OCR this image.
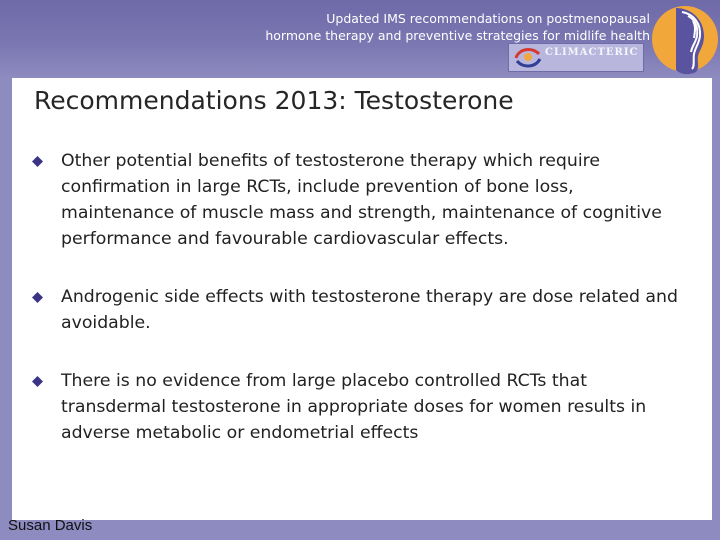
Updated IMS recommendations on postmenopausal
hormone therapy and preventive strategies for midlife health
CLIMACTERIC
Recommendations 2013: Testosterone
Other potential benefits of testosterone therapy which require confirmation in large RCTs, include prevention of bone loss, maintenance of muscle mass and strength, maintenance of cognitive performance and favourable cardiovascular effects.
Androgenic side effects with testosterone therapy are dose related and avoidable.
There is no evidence from large placebo controlled RCTs that transdermal testosterone in appropriate doses for women results in adverse metabolic or endometrial effects
Susan Davis
